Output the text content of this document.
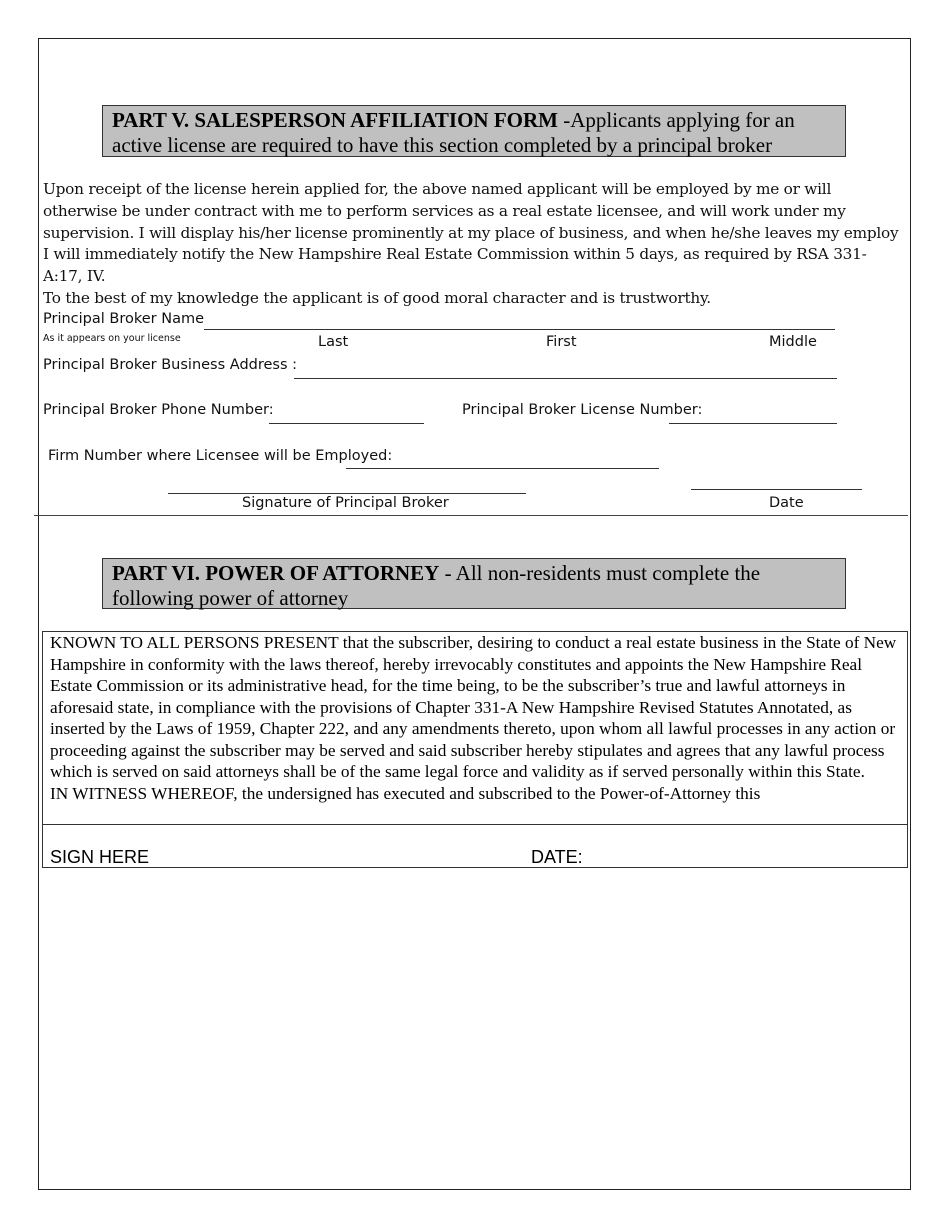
PART V. SALESPERSON AFFILIATION FORM -Applicants applying for an active license are required to have this section completed by a principal broker
Upon receipt of the license herein applied for, the above named applicant will be employed by me or will otherwise be under contract with me to perform services as a real estate licensee, and will work under my supervision. I will display his/her license prominently at my place of business, and when he/she leaves my employ I will immediately notify the New Hampshire Real Estate Commission within 5 days, as required by RSA 331-A:17, IV.
To the best of my knowledge the applicant is of good moral character and is trustworthy.
Principal Broker Name
As it appears on your license	Last	First	Middle
Principal Broker Business Address :
Principal Broker Phone Number:	Principal Broker License Number:
Firm Number where Licensee will be Employed:
Signature of Principal Broker	Date
PART VI. POWER OF ATTORNEY - All non-residents must complete the following power of attorney
KNOWN TO ALL PERSONS PRESENT that the subscriber, desiring to conduct a real estate business in the State of New Hampshire in conformity with the laws thereof, hereby irrevocably constitutes and appoints the New Hampshire Real Estate Commission or its administrative head, for the time being, to be the subscriber’s true and lawful attorneys in aforesaid state, in compliance with the provisions of Chapter 331-A New Hampshire Revised Statutes Annotated, as inserted by the Laws of 1959, Chapter 222, and any amendments thereto, upon whom all lawful processes in any action or proceeding against the subscriber may be served and said subscriber hereby stipulates and agrees that any lawful process which is served on said attorneys shall be of the same legal force and validity as if served personally within this State.
IN WITNESS WHEREOF, the undersigned has executed and subscribed to the Power-of-Attorney this
SIGN HERE	DATE:
